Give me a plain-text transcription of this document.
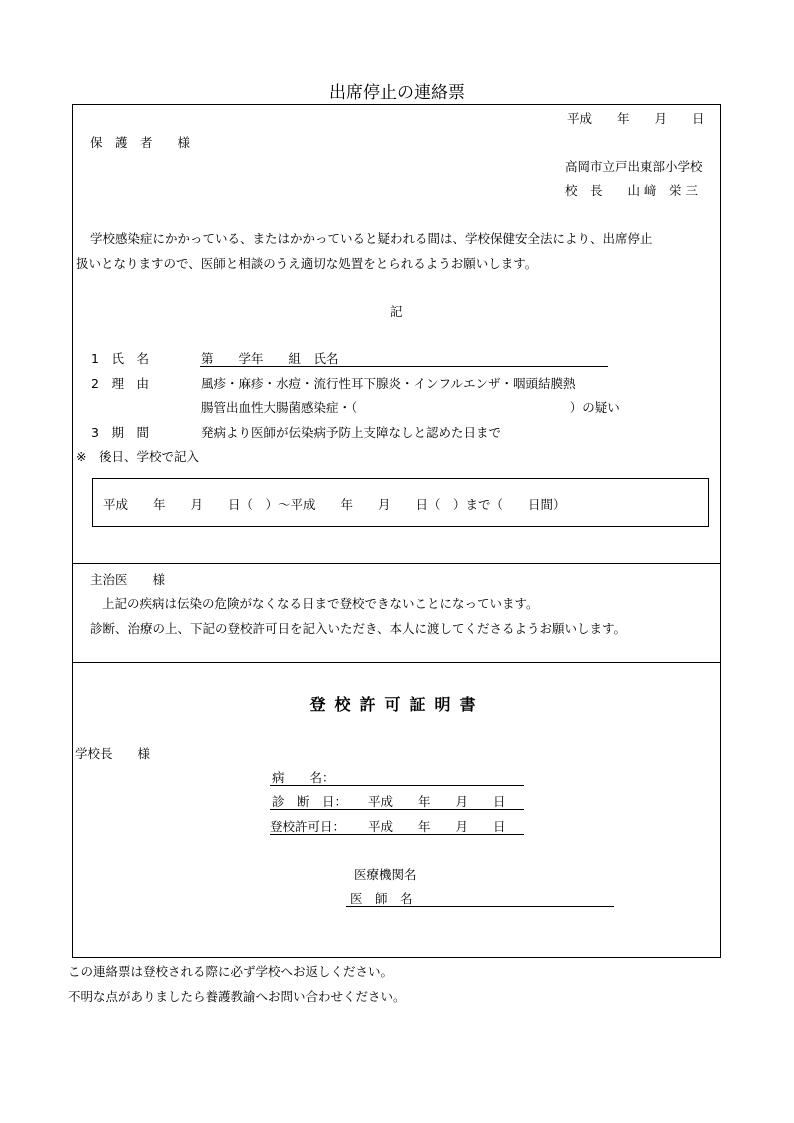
出席停止の連絡票
平成　　年　　月　　日
保　護　者　　様
高岡市立戸出東部小学校
校　長　　山 﨑　栄 三
学校感染症にかかっている、またはかかっていると疑われる間は、学校保健安全法により、出席停止
扱いとなりますので、医師と相談のうえ適切な処置をとられるようお願いします。
記
1　氏　名	第　　学年　　組　氏名
2　理　由	風疹・麻疹・水痘・流行性耳下腺炎・インフルエンザ・咽頭結膜熱
腸管出血性大腸菌感染症・（　　　　　　　　　　　　　　　　　）の疑い
3　期　間	発病より医師が伝染病予防上支障なしと認めた日まで
※　後日、学校で記入
平成　　年　　月　　日（　）～平成　　年　　月　　日（　）まで（　　日間）
主治医　　様
上記の疾病は伝染の危険がなくなる日まで登校できないことになっています。
診断、治療の上、下記の登校許可日を記入いただき、本人に渡してくださるようお願いします。
登校許可証明書
学校長　　様
病　　名：
診　断　日： 平成　　年　　月　　日
登校許可日： 平成　　年　　月　　日
医療機関名
医　師　名
この連絡票は登校される際に必ず学校へお返しください。
不明な点がありましたら養護教諭へお問い合わせください。
